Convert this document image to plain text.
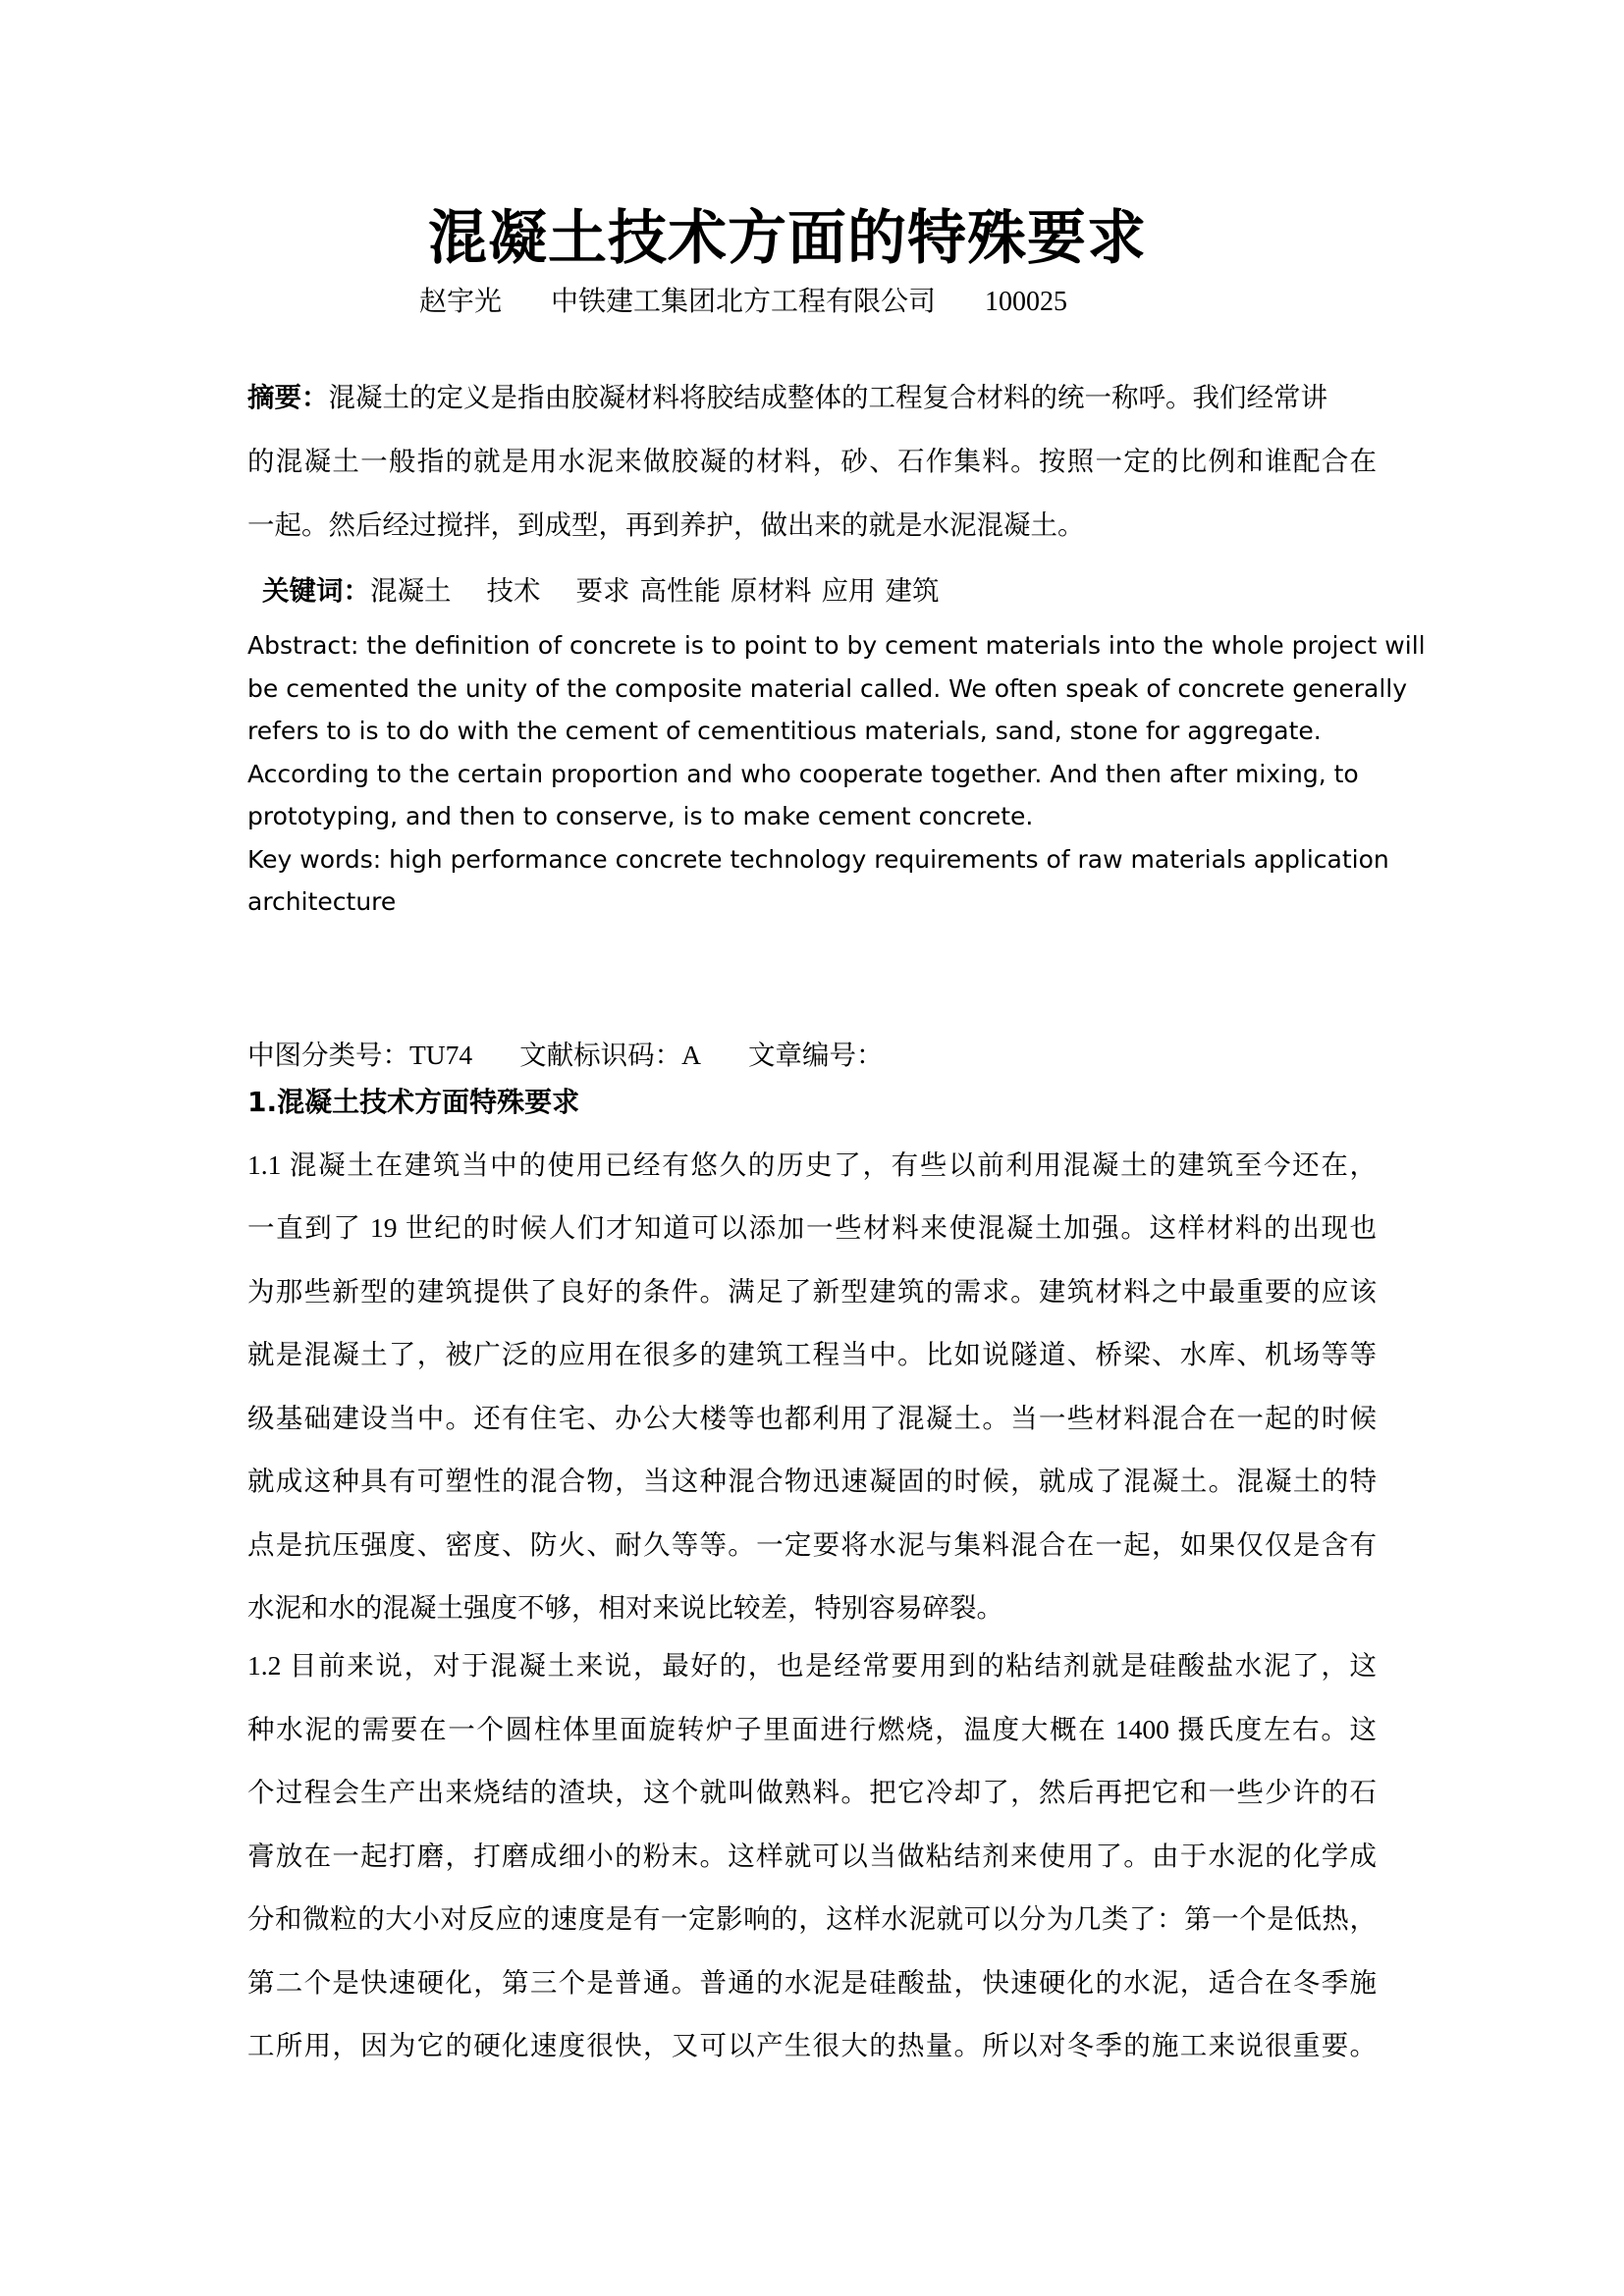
混凝土技术方面的特殊要求
赵宇光 中铁建工集团北方工程有限公司 100025
摘要：混凝土的定义是指由胶凝材料将胶结成整体的工程复合材料的统一称呼。我们经常讲
的混凝土一般指的就是用水泥来做胶凝的材料，砂、石作集料。按照一定的比例和谁配合在
一起。然后经过搅拌，到成型，再到养护，做出来的就是水泥混凝土。
关键词：混凝土 技术 要求 高性能 原材料 应用 建筑
Abstract: the definition of concrete is to point to by cement materials into the whole project will
be cemented the unity of the composite material called. We often speak of concrete generally
refers to is to do with the cement of cementitious materials, sand, stone for aggregate.
According to the certain proportion and who cooperate together. And then after mixing, to
prototyping, and then to conserve, is to make cement concrete.
Key words: high performance concrete technology requirements of raw materials application
architecture
中图分类号：TU74 文献标识码：A 文章编号：
1.混凝土技术方面特殊要求
1.1 混凝土在建筑当中的使用已经有悠久的历史了，有些以前利用混凝土的建筑至今还在，
一直到了 19 世纪的时候人们才知道可以添加一些材料来使混凝土加强。这样材料的出现也
为那些新型的建筑提供了良好的条件。满足了新型建筑的需求。建筑材料之中最重要的应该
就是混凝土了，被广泛的应用在很多的建筑工程当中。比如说隧道、桥梁、水库、机场等等
级基础建设当中。还有住宅、办公大楼等也都利用了混凝土。当一些材料混合在一起的时候
就成这种具有可塑性的混合物，当这种混合物迅速凝固的时候，就成了混凝土。混凝土的特
点是抗压强度、密度、防火、耐久等等。一定要将水泥与集料混合在一起，如果仅仅是含有
水泥和水的混凝土强度不够，相对来说比较差，特别容易碎裂。
1.2 目前来说，对于混凝土来说，最好的，也是经常要用到的粘结剂就是硅酸盐水泥了，这
种水泥的需要在一个圆柱体里面旋转炉子里面进行燃烧，温度大概在 1400 摄氏度左右。这
个过程会生产出来烧结的渣块，这个就叫做熟料。把它冷却了，然后再把它和一些少许的石
膏放在一起打磨，打磨成细小的粉末。这样就可以当做粘结剂来使用了。由于水泥的化学成
分和微粒的大小对反应的速度是有一定影响的，这样水泥就可以分为几类了：第一个是低热，
第二个是快速硬化，第三个是普通。普通的水泥是硅酸盐，快速硬化的水泥，适合在冬季施
工所用，因为它的硬化速度很快，又可以产生很大的热量。所以对冬季的施工来说很重要。
